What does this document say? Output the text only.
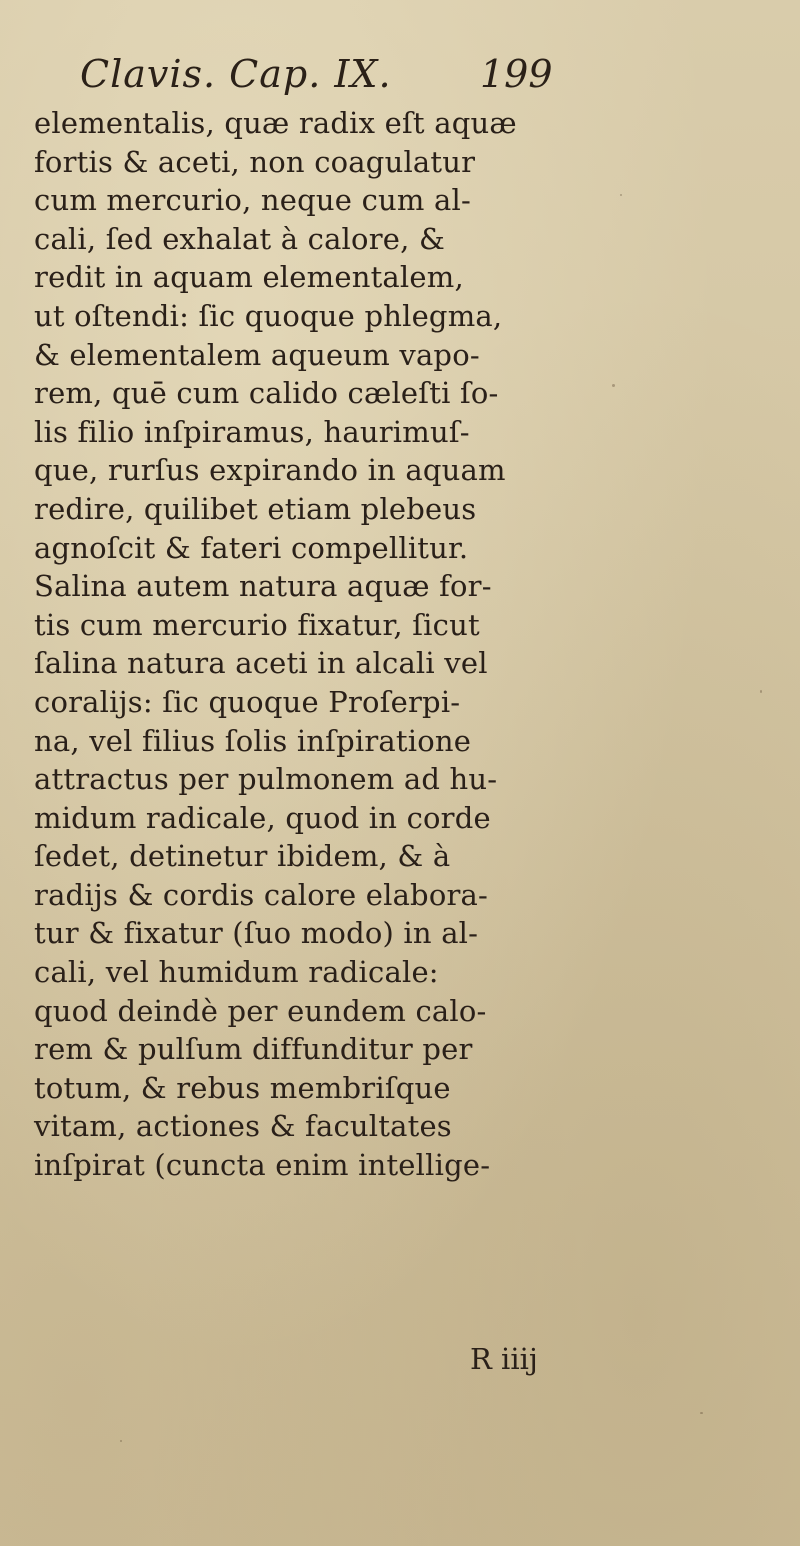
Clavis. Cap. IX. 199
elementalis, quæ radix eſt aquæ
fortis & aceti, non coagulatur
cum mercurio, neque cum al-
cali, ſed exhalat à calore, &
redit in aquam elementalem,
ut oſtendi: ſic quoque phlegma,
& elementalem aqueum vapo-
rem, quē cum calido cæleſti ſo-
lis filio inſpiramus, haurimuſ-
que, rurſus expirando in aquam
redire, quilibet etiam plebeus
agnoſcit & fateri compellitur.
Salina autem natura aquæ for-
tis cum mercurio fixatur, ſicut
ſalina natura aceti in alcali vel
coralijs: ſic quoque Proſerpi-
na, vel filius ſolis inſpiratione
attractus per pulmonem ad hu-
midum radicale, quod in corde
ſedet, detinetur ibidem, & à
radijs & cordis calore elabora-
tur & fixatur (ſuo modo) in al-
cali, vel humidum radicale:
quod deindè per eundem calo-
rem & pulſum diffunditur per
totum, & rebus membriſque
vitam, actiones & facultates
inſpirat (cuncta enim intellige-
R iiij
